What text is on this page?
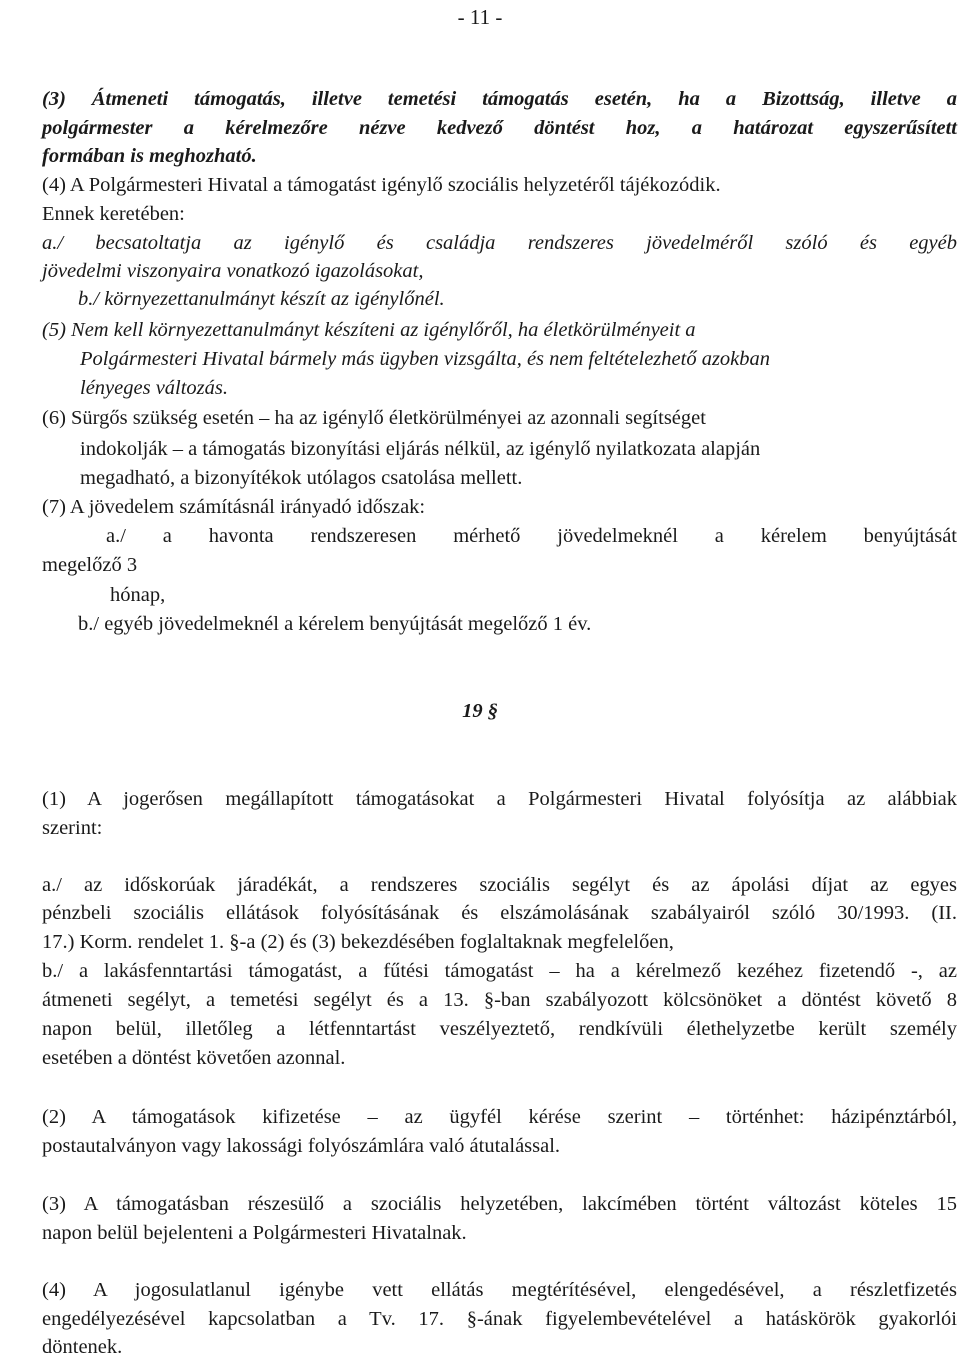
- 11 -
(3) Átmeneti támogatás, illetve temetési támogatás esetén, ha a Bizottság, illetve a
polgármester a kérelmezőre nézve kedvező döntést hoz, a határozat egyszerűsített
formában is meghozható.
(4) A Polgármesteri Hivatal a támogatást igénylő szociális helyzetéről tájékozódik.
Ennek keretében:
a./ becsatoltatja az igénylő és családja rendszeres jövedelméről szóló és egyéb
jövedelmi viszonyaira vonatkozó igazolásokat,
b./ környezettanulmányt készít az igénylőnél.
(5) Nem kell környezettanulmányt készíteni az igénylőről, ha életkörülményeit a
Polgármesteri Hivatal bármely más ügyben vizsgálta, és nem feltételezhető azokban
lényeges változás.
(6) Sürgős szükség esetén – ha az igénylő életkörülményei az azonnali segítséget
indokolják – a támogatás bizonyítási eljárás nélkül, az igénylő nyilatkozata alapján
megadható, a bizonyítékok utólagos csatolása mellett.
(7) A jövedelem számításnál irányadó időszak:
a./ a havonta rendszeresen mérhető jövedelmeknél a kérelem benyújtását
megelőző 3
hónap,
b./ egyéb jövedelmeknél a kérelem benyújtását megelőző 1 év.
19 §
(1) A jogerősen megállapított támogatásokat a Polgármesteri Hivatal folyósítja az alábbiak
szerint:
a./ az időskorúak járadékát, a rendszeres szociális segélyt és az ápolási díjat az egyes
pénzbeli szociális ellátások folyósításának és elszámolásának szabályairól szóló 30/1993. (II.
17.) Korm. rendelet 1. §-a (2) és (3) bekezdésében foglaltaknak megfelelően,
b./ a lakásfenntartási támogatást, a fűtési támogatást – ha a kérelmező kezéhez fizetendő -, az
átmeneti segélyt, a temetési segélyt és a 13. §-ban szabályozott kölcsönöket a döntést követő 8
napon belül, illetőleg a létfenntartást veszélyeztető, rendkívüli élethelyzetbe került személy
esetében a döntést követően azonnal.
(2) A támogatások kifizetése – az ügyfél kérése szerint – történhet: házipénztárból,
postautalványon vagy lakossági folyószámlára való átutalással.
(3) A támogatásban részesülő a szociális helyzetében, lakcímében történt változást köteles 15
napon belül bejelenteni a Polgármesteri Hivatalnak.
(4) A jogosulatlanul igénybe vett ellátás megtérítésével, elengedésével, a részletfizetés
engedélyezésével kapcsolatban a Tv. 17. §-ának figyelembevételével a hatáskörök gyakorlói
döntenek.
